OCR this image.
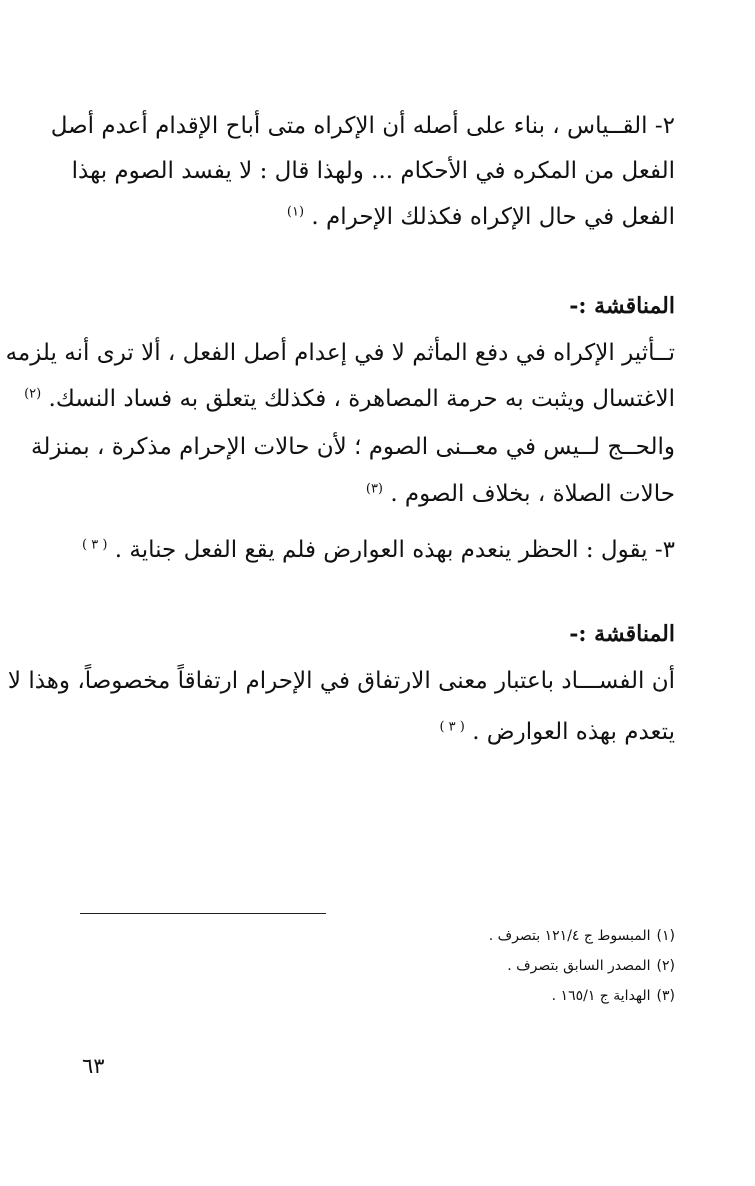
٢- القــياس ، بناء على أصله أن الإكراه متى أباح الإقدام أعدم أصل
الفعل من المكره في الأحكام ... ولهذا قال : لا يفسد الصوم بهذا
الفعل في حال الإكراه فكذلك الإحرام . $^{(١)}$
المناقشة :-
تــأثير الإكراه في دفع المأثم لا في إعدام أصل الفعل ، ألا ترى أنه يلزمه
الاغتسال ويثبت به حرمة المصاهرة ، فكذلك يتعلق به فساد النسك. $^{(٢)}$
والحــج لــيس في معــنى الصوم ؛ لأن حالات الإحرام مذكرة ، بمنزلة
حالات الصلاة ، بخلاف الصوم . $^{(٣)}$
٣- يقول : الحظر ينعدم بهذه العوارض فلم يقع الفعل جناية . $^{( ٣ )}$
المناقشة :-
أن الفســـاد باعتبار معنى الارتفاق في الإحرام ارتفاقاً مخصوصاً، وهذا لا
يتعدم بهذه العوارض . $^{( ٣ )}$
(١)المبسوط ج ١٢١/٤ بتصرف .
(٢)المصدر السابق بتصرف .
(٣)الهداية ج ١٦٥/١ .
٦٣
